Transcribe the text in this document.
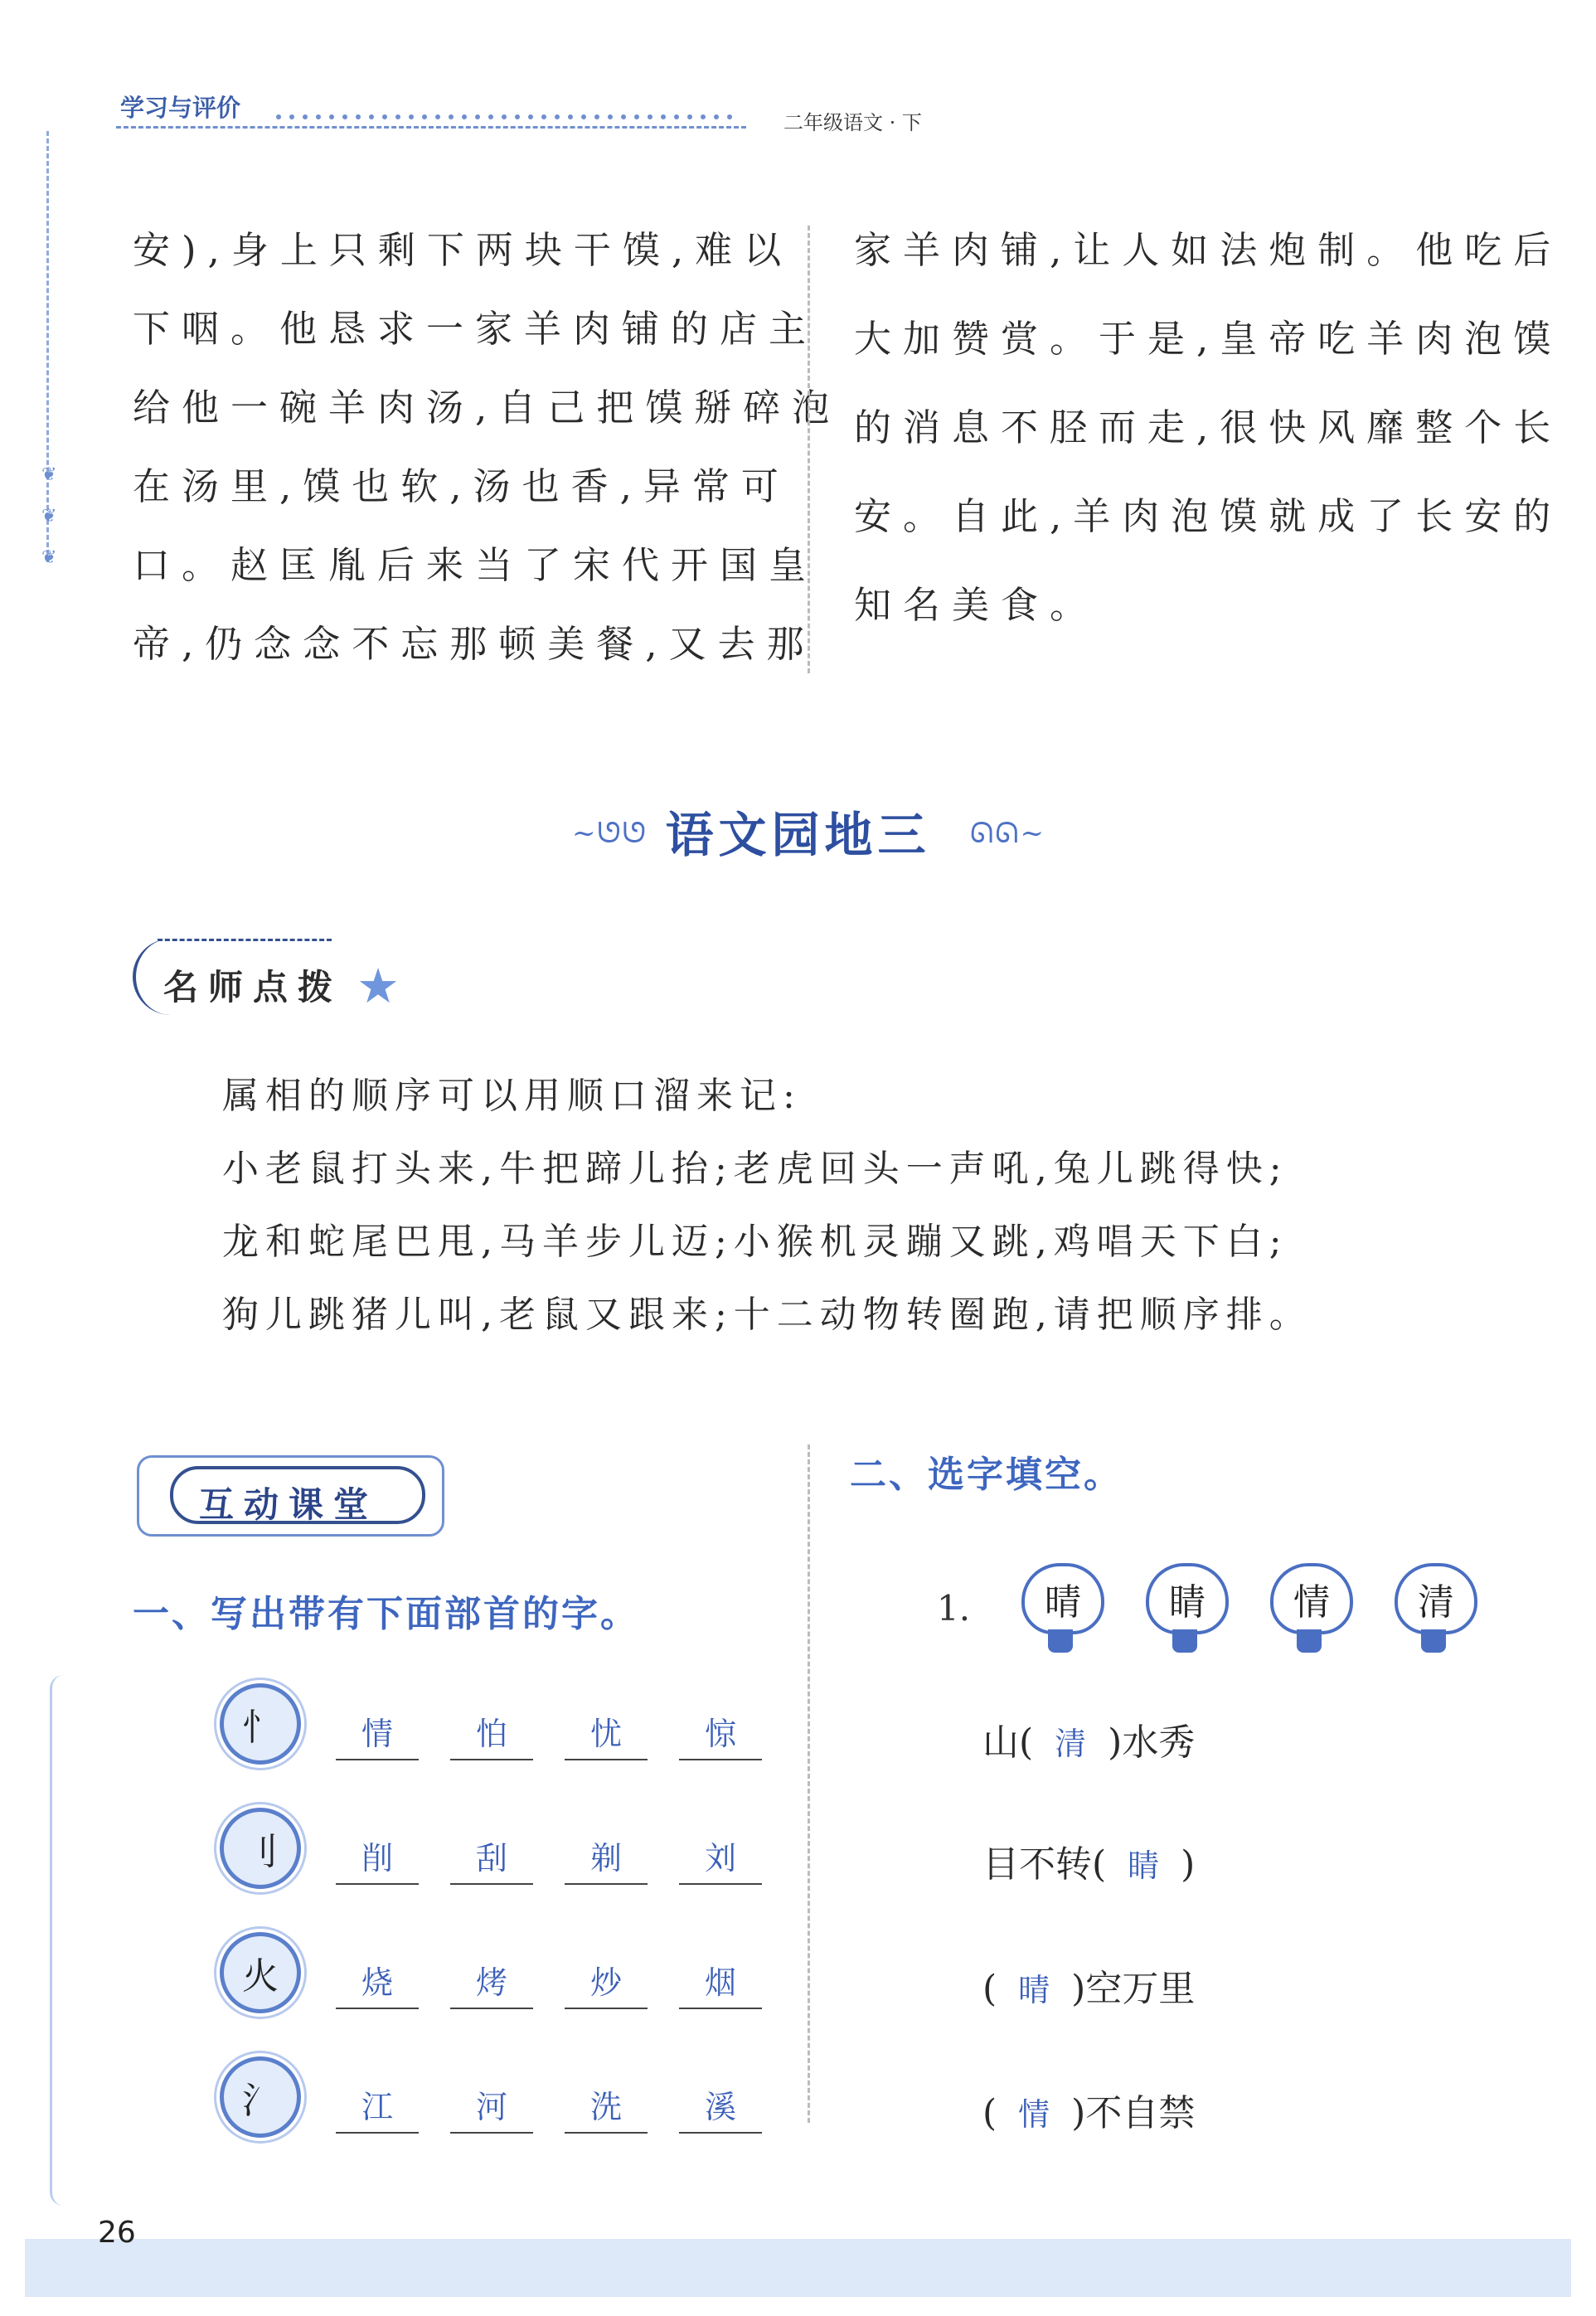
学习与评价
二年级语文 · 下
❦
❦
❦
安),身上只剩下两块干馍,难以
下咽。他恳求一家羊肉铺的店主
给他一碗羊肉汤,自己把馍掰碎泡
在汤里,馍也软,汤也香,异常可
口。赵匡胤后来当了宋代开国皇
帝,仍念念不忘那顿美餐,又去那
家羊肉铺,让人如法炮制。他吃后
大加赞赏。于是,皇帝吃羊肉泡馍
的消息不胫而走,很快风靡整个长
安。自此,羊肉泡馍就成了长安的
知名美食。
~ᘎᘎ 语文园地三	ᘏᘏ~
名师点拨 ★
属相的顺序可以用顺口溜来记:
小老鼠打头来,牛把蹄儿抬;老虎回头一声吼,兔儿跳得快;
龙和蛇尾巴甩,马羊步儿迈;小猴机灵蹦又跳,鸡唱天下白;
狗儿跳猪儿叫,老鼠又跟来;十二动物转圈跑,请把顺序排。
互动课堂
一、写出带有下面部首的字。
忄	情	怕	忧	惊
刂	削	刮	剃	刘
火	烧	烤	炒	烟
氵	江	河	洗	溪
二、选字填空。
1.	晴	睛	情	清
山( 清 )水秀
目不转( 睛 )
( 晴 )空万里
( 情 )不自禁
26
